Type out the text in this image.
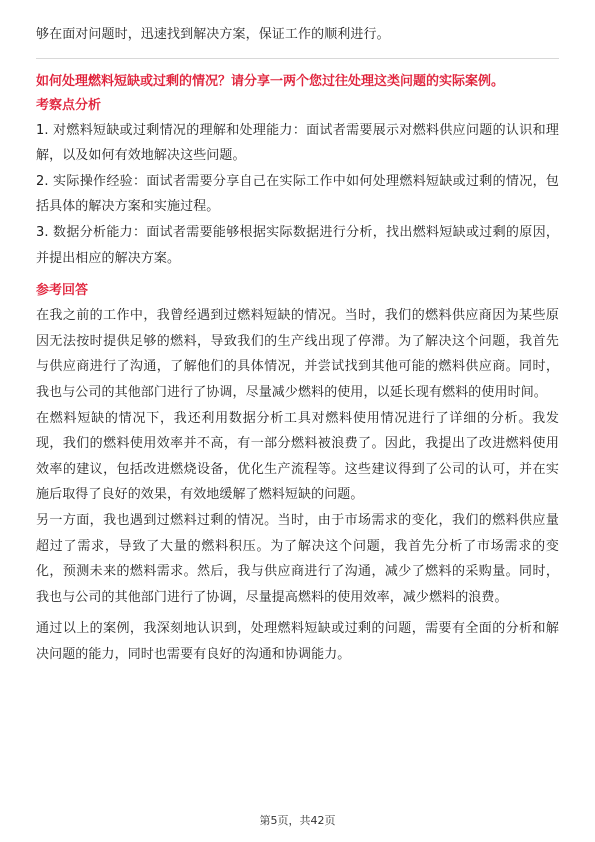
够在面对问题时，迅速找到解决方案，保证工作的顺利进行。

如何处理燃料短缺或过剩的情况？请分享一两个您过往处理这类问题的实际案例。

考察点分析

1. 对燃料短缺或过剩情况的理解和处理能力：面试者需要展示对燃料供应问题的认识和理解，以及如何有效地解决这些问题。

2. 实际操作经验：面试者需要分享自己在实际工作中如何处理燃料短缺或过剩的情况，包括具体的解决方案和实施过程。

3. 数据分析能力：面试者需要能够根据实际数据进行分析，找出燃料短缺或过剩的原因，并提出相应的解决方案。

参考回答

在我之前的工作中，我曾经遇到过燃料短缺的情况。当时，我们的燃料供应商因为某些原因无法按时提供足够的燃料，导致我们的生产线出现了停滞。为了解决这个问题，我首先与供应商进行了沟通，了解他们的具体情况，并尝试找到其他可能的燃料供应商。同时，我也与公司的其他部门进行了协调，尽量减少燃料的使用，以延长现有燃料的使用时间。

在燃料短缺的情况下，我还利用数据分析工具对燃料使用情况进行了详细的分析。我发现，我们的燃料使用效率并不高，有一部分燃料被浪费了。因此，我提出了改进燃料使用效率的建议，包括改进燃烧设备，优化生产流程等。这些建议得到了公司的认可，并在实施后取得了良好的效果，有效地缓解了燃料短缺的问题。

另一方面，我也遇到过燃料过剩的情况。当时，由于市场需求的变化，我们的燃料供应量超过了需求，导致了大量的燃料积压。为了解决这个问题，我首先分析了市场需求的变化，预测未来的燃料需求。然后，我与供应商进行了沟通，减少了燃料的采购量。同时，我也与公司的其他部门进行了协调，尽量提高燃料的使用效率，减少燃料的浪费。

通过以上的案例，我深刻地认识到，处理燃料短缺或过剩的问题，需要有全面的分析和解决问题的能力，同时也需要有良好的沟通和协调能力。

第5页，共42页
